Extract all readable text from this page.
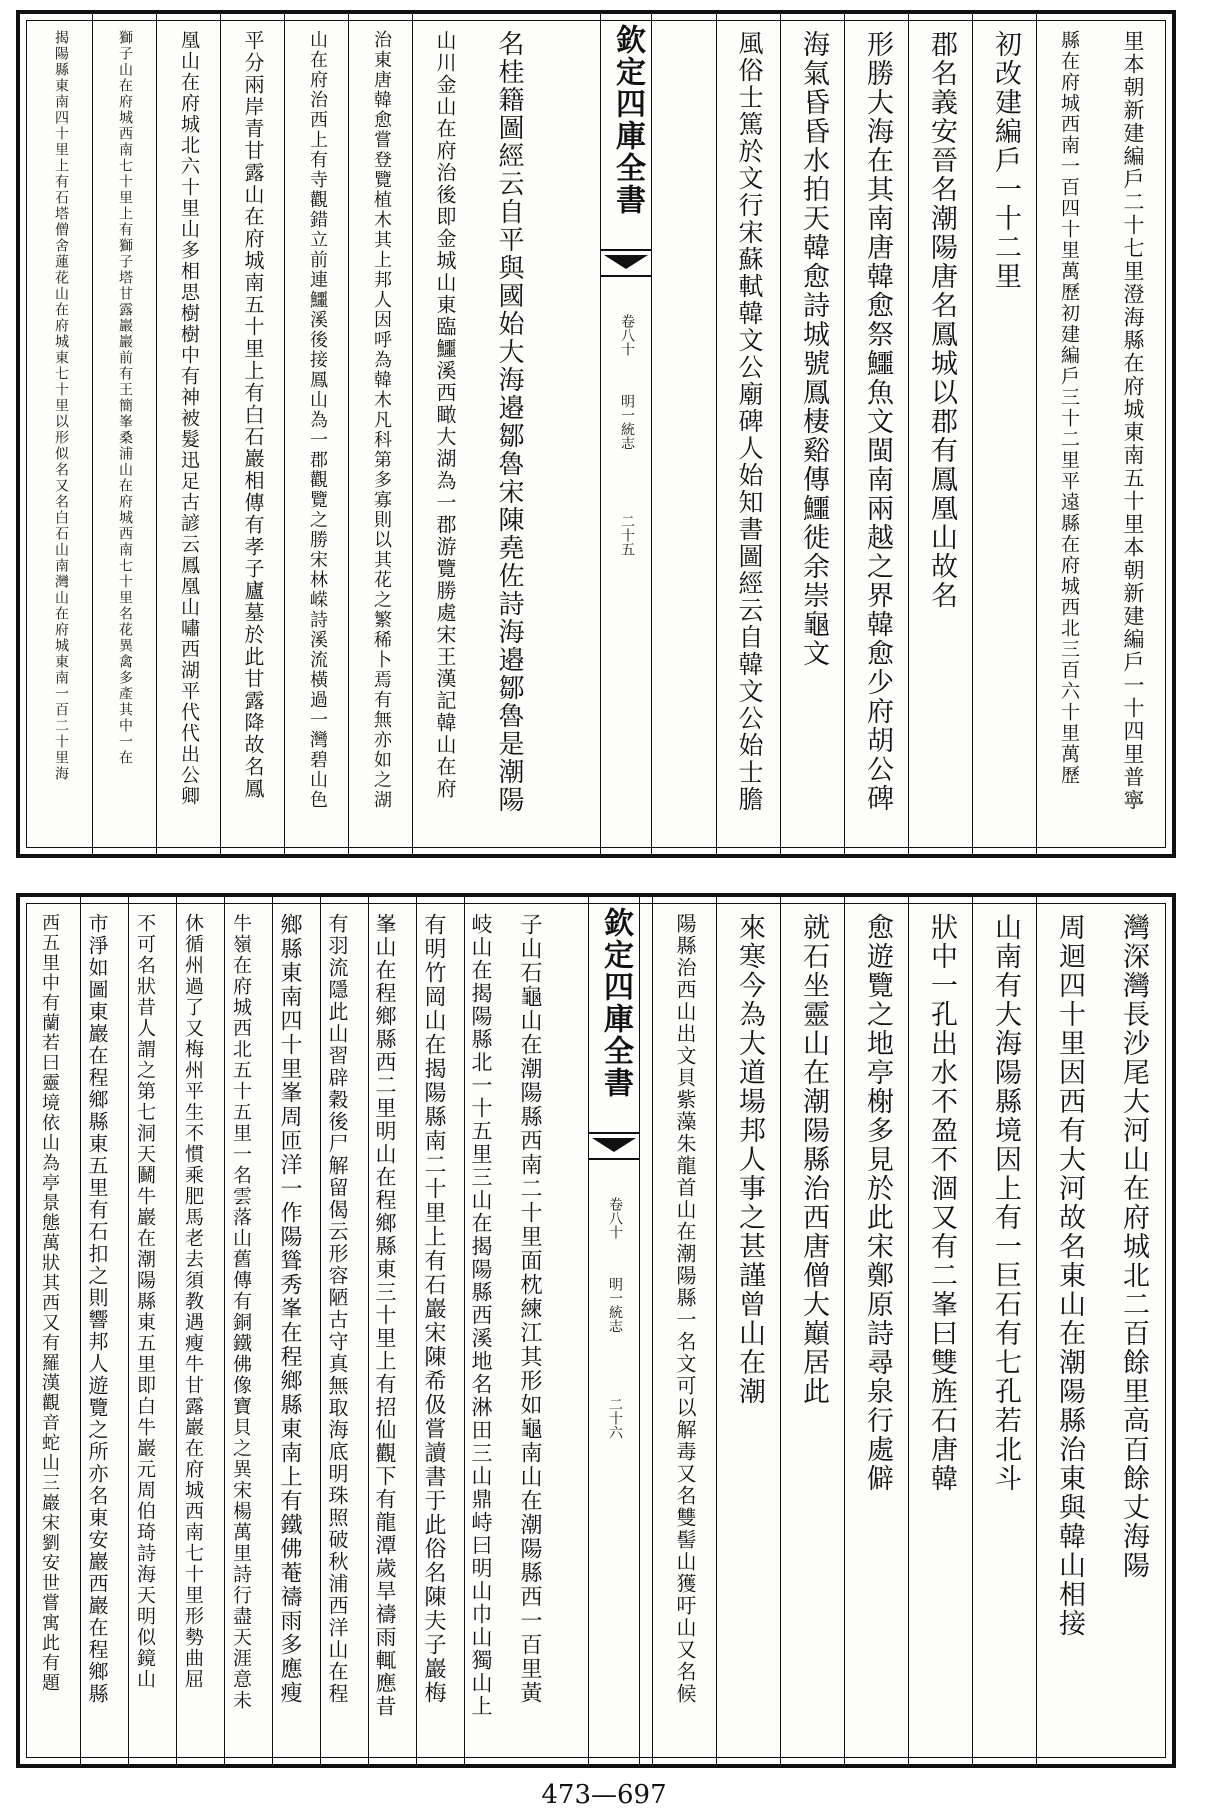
里本朝新建編戶二十七里澄海縣在府城東南五十里本朝新建編戶一十四里普寧
縣在府城西南一百四十里萬歷初建編戶三十二里平遠縣在府城西北三百六十里萬歷
初改建編戶一十二里
郡名義安晉名潮陽唐名鳳城以郡有鳳凰山故名
形勝大海在其南唐韓愈祭鱷魚文閩南兩越之界韓愈少府胡公碑
海氣昏昏水拍天韓愈詩城號鳳棲谿傳鱷徙余崇龜文
風俗士篤於文行宋蘇軾韓文公廟碑人始知書圖經云自韓文公始士膽
欽定四庫全書
卷八十
明一統志
二十五
名桂籍圖經云自平與國始大海邉鄒魯宋陳堯佐詩海邉鄒魯是潮陽
山川金山在府治後即金城山東臨鱷溪西瞰大湖為一郡游覽勝處宋王漢記韓山在府
治東唐韓愈嘗登覽植木其上邦人因呼為韓木凡科第多寡則以其花之繁稀卜焉有無亦如之湖
山在府治西上有寺觀錯立前連鱷溪後接鳳山為一郡觀覽之勝宋林嵘詩溪流橫過一灣碧山色
平分兩岸青甘露山在府城南五十里上有白石巖相傳有孝子廬墓於此甘露降故名鳳
凰山在府城北六十里山多相思樹樹中有神被髮迅足古諺云鳳凰山嘯西湖平代代出公卿
獅子山在府城西南七十里上有獅子塔甘露巖巖前有王簡峯桑浦山在府城西南七十里名花異禽多產其中一在
揭陽縣東南四十里上有石塔僧舍蓮花山在府城東七十里以形似名又名白石山南灣山在府城東南一百二十里海
灣深灣長沙尾大河山在府城北二百餘里高百餘丈海陽
周迴四十里因西有大河故名東山在潮陽縣治東與韓山相接
山南有大海陽縣境因上有一巨石有七孔若北斗
狀中一孔出水不盈不涸又有二峯曰雙旌石唐韓
愈遊覽之地亭榭多見於此宋鄭原詩尋泉行處僻
就石坐靈山在潮陽縣治西唐僧大巔居此
來寒今為大道場邦人事之甚謹曾山在潮
陽縣治西山出文貝紫藻朱龍首山在潮陽縣一名文可以解毒又名雙髻山獲吁山又名候
欽定四庫全書
卷八十
明一統志
二十六
子山石龜山在潮陽縣西南二十里面枕練江其形如龜南山在潮陽縣西一百里黃
岐山在揭陽縣北一十五里三山在揭陽縣西溪地名淋田三山鼎峙曰明山巾山獨山上
有明竹岡山在揭陽縣南二十里上有石巖宋陳希伋嘗讀書于此俗名陳夫子巖梅
峯山在程鄉縣西二里明山在程鄉縣東三十里上有招仙觀下有龍潭歲旱禱雨輒應昔
有羽流隱此山習辟穀後尸解留偈云形容陋古守真無取海底明珠照破秋浦西洋山在程
鄉縣東南四十里峯周匝洋一作陽聳秀峯在程鄉縣東南上有鐵佛菴禱雨多應瘦
牛嶺在府城西北五十五里一名雲落山舊傳有銅鐵佛像寶貝之異宋楊萬里詩行盡天涯意未
休循州過了又梅州平生不慣乘肥馬老去須教遇瘦牛甘露巖在府城西南七十里形勢曲屈
不可名狀昔人謂之第七洞天鬭牛巖在潮陽縣東五里即白牛巖元周伯琦詩海天明似鏡山
市淨如圖東巖在程鄉縣東五里有石扣之則響邦人遊覽之所亦名東安巖西巖在程鄉縣
西五里中有蘭若曰靈境依山為亭景態萬狀其西又有羅漢觀音蛇山三巖宋劉安世嘗寓此有題
473—697
